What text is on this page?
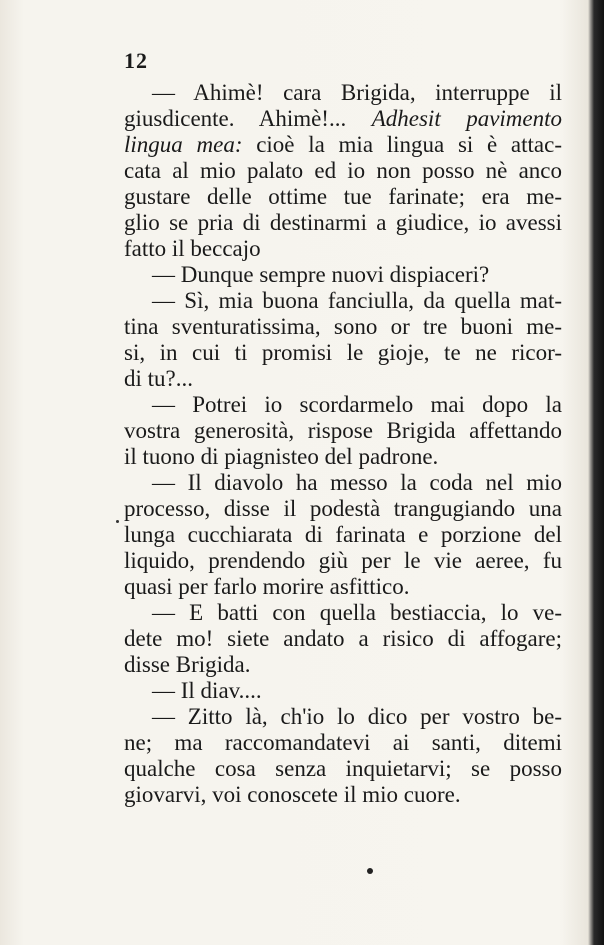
12
— Ahimè! cara Brigida, interruppe il
giusdicente. Ahimè!... Adhesit pavimento
lingua mea: cioè la mia lingua si è attac-
cata al mio palato ed io non posso nè anco
gustare delle ottime tue farinate; era me-
glio se pria di destinarmi a giudice, io avessi
fatto il beccajo
— Dunque sempre nuovi dispiaceri?
— Sì, mia buona fanciulla, da quella mat-
tina sventuratissima, sono or tre buoni me-
si, in cui ti promisi le gioje, te ne ricor-
di tu?...
— Potrei io scordarmelo mai dopo la
vostra generosità, rispose Brigida affettando
il tuono di piagnisteo del padrone.
— Il diavolo ha messo la coda nel mio
processo, disse il podestà trangugiando una
lunga cucchiarata di farinata e porzione del
liquido, prendendo giù per le vie aeree, fu
quasi per farlo morire asfittico.
— E batti con quella bestiaccia, lo ve-
dete mo! siete andato a risico di affogare;
disse Brigida.
— Il diav....
— Zitto là, ch'io lo dico per vostro be-
ne; ma raccomandatevi ai santi, ditemi
qualche cosa senza inquietarvi; se posso
giovarvi, voi conoscete il mio cuore.
